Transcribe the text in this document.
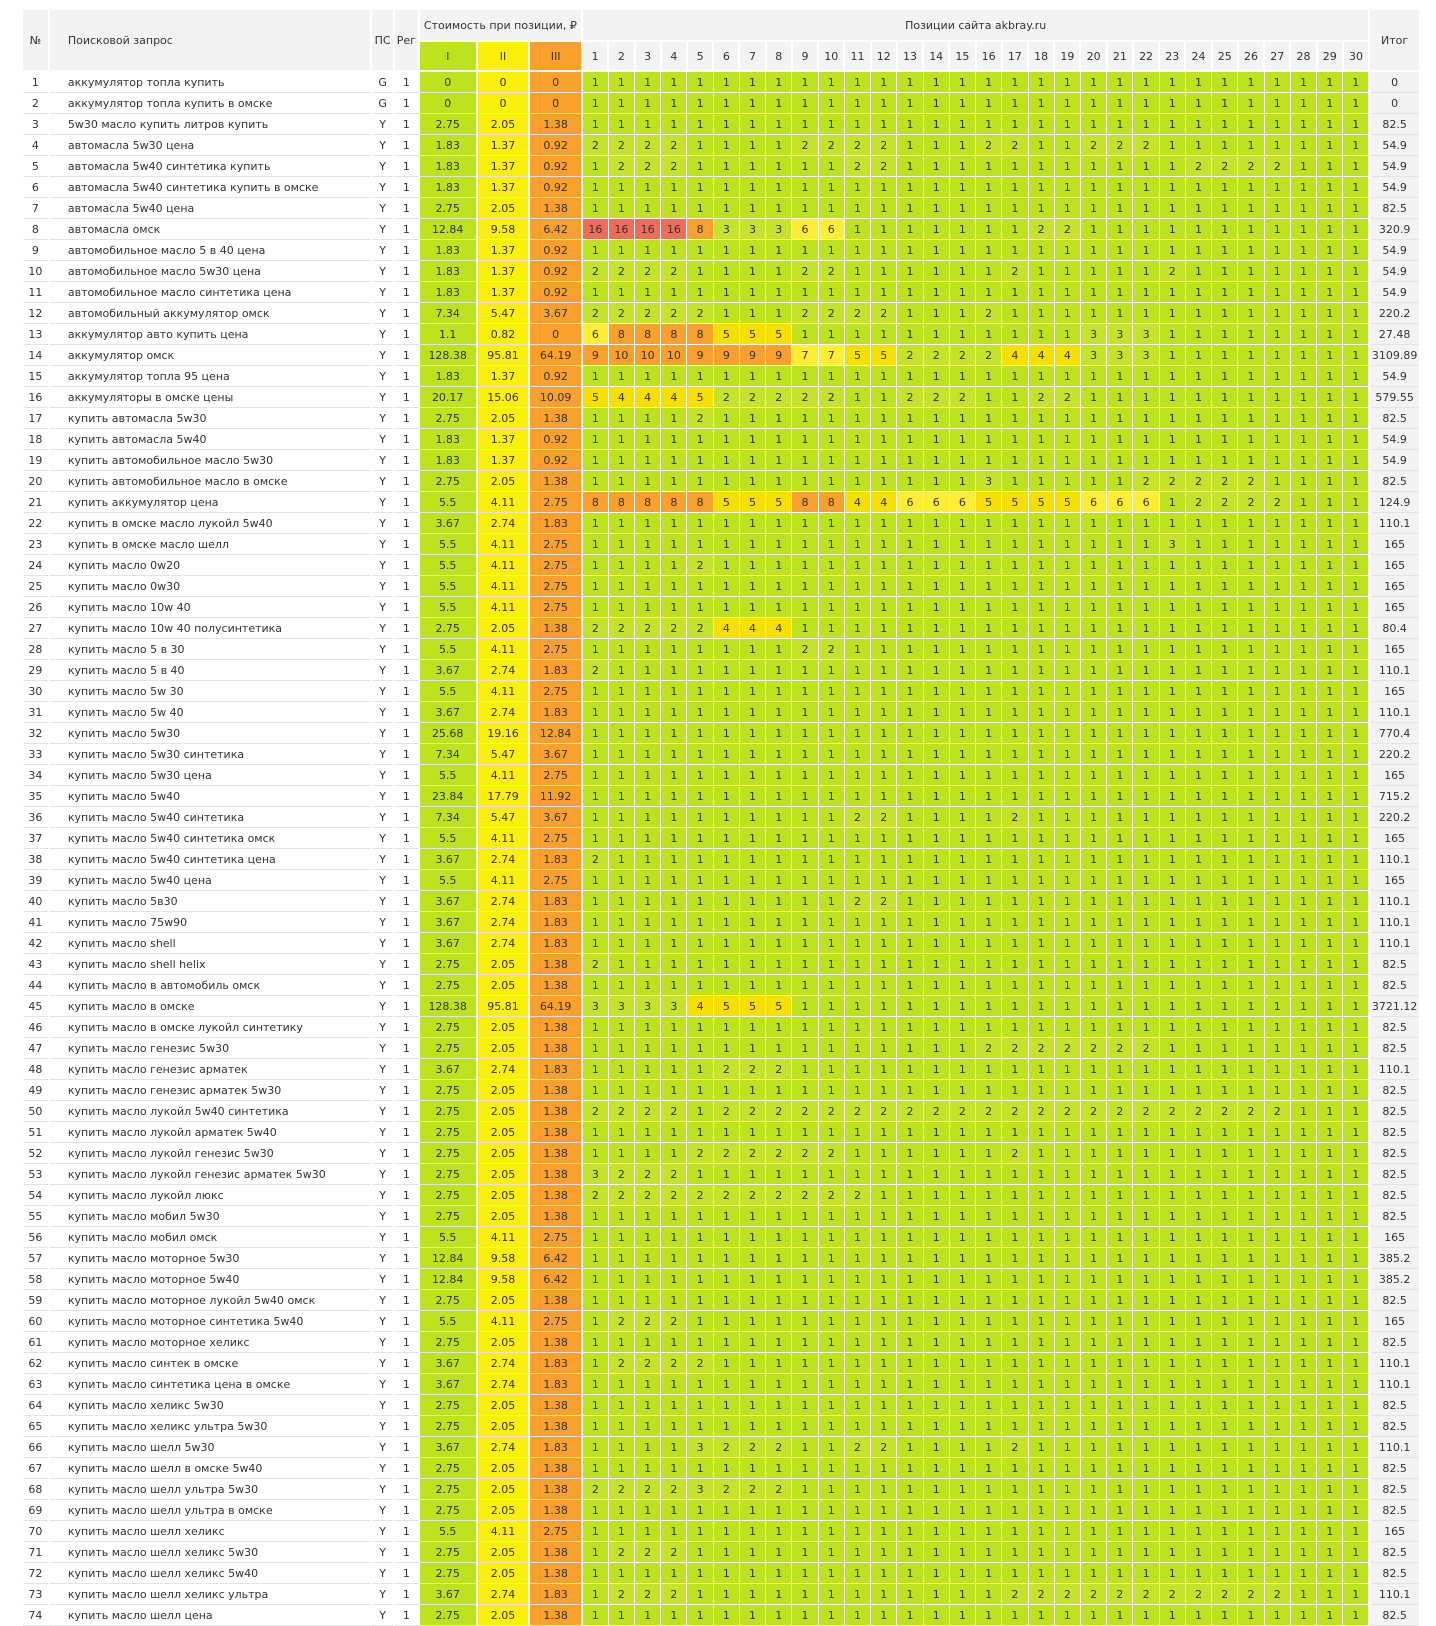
№	Поисковой запрос	ПС	Рег	Стоимость при позиции, ₽			Позиции сайта akbray.ru																														Итог
				I	II	III	1	2	3	4	5	6	7	8	9	10	11	12	13	14	15	16	17	18	19	20	21	22	23	24	25	26	27	28	29	30	
1	аккумулятор топла купить	G	1	0	0	0	1	1	1	1	1	1	1	1	1	1	1	1	1	1	1	1	1	1	1	1	1	1	1	1	1	1	1	1	1	1	0
2	аккумулятор топла купить в омске	G	1	0	0	0	1	1	1	1	1	1	1	1	1	1	1	1	1	1	1	1	1	1	1	1	1	1	1	1	1	1	1	1	1	1	0
3	5w30 масло купить литров купить	Y	1	2.75	2.05	1.38	1	1	1	1	1	1	1	1	1	1	1	1	1	1	1	1	1	1	1	1	1	1	1	1	1	1	1	1	1	1	82.5
4	автомасла 5w30 цена	Y	1	1.83	1.37	0.92	2	2	2	2	1	1	1	1	2	2	2	2	1	1	1	2	2	1	1	2	2	2	1	1	1	1	1	1	1	1	54.9
5	автомасла 5w40 синтетика купить	Y	1	1.83	1.37	0.92	1	2	2	2	1	1	1	1	1	1	2	2	1	1	1	1	1	1	1	1	1	1	1	2	2	2	2	1	1	1	54.9
6	автомасла 5w40 синтетика купить в омске	Y	1	1.83	1.37	0.92	1	1	1	1	1	1	1	1	1	1	1	1	1	1	1	1	1	1	1	1	1	1	1	1	1	1	1	1	1	1	54.9
7	автомасла 5w40 цена	Y	1	2.75	2.05	1.38	1	1	1	1	1	1	1	1	1	1	1	1	1	1	1	1	1	1	1	1	1	1	1	1	1	1	1	1	1	1	82.5
8	автомасла омск	Y	1	12.84	9.58	6.42	16	16	16	16	8	3	3	3	6	6	1	1	1	1	1	1	1	2	2	1	1	1	1	1	1	1	1	1	1	1	320.9
9	автомобильное масло 5 в 40 цена	Y	1	1.83	1.37	0.92	1	1	1	1	1	1	1	1	1	1	1	1	1	1	1	1	1	1	1	1	1	1	1	1	1	1	1	1	1	1	54.9
10	автомобильное масло 5w30 цена	Y	1	1.83	1.37	0.92	2	2	2	2	1	1	1	1	2	2	1	1	1	1	1	1	2	1	1	1	1	1	2	1	1	1	1	1	1	1	54.9
11	автомобильное масло синтетика цена	Y	1	1.83	1.37	0.92	1	1	1	1	1	1	1	1	1	1	1	1	1	1	1	1	1	1	1	1	1	1	1	1	1	1	1	1	1	1	54.9
12	автомобильный аккумулятор омск	Y	1	7.34	5.47	3.67	2	2	2	2	2	1	1	1	2	2	2	2	1	1	1	2	1	1	1	1	1	1	1	1	1	1	1	1	1	1	220.2
13	аккумулятор авто купить цена	Y	1	1.1	0.82	0	6	8	8	8	8	5	5	5	1	1	1	1	1	1	1	1	1	1	1	3	3	3	1	1	1	1	1	1	1	1	27.48
14	аккумулятор омск	Y	1	128.38	95.81	64.19	9	10	10	10	9	9	9	9	7	7	5	5	2	2	2	2	4	4	4	3	3	3	1	1	1	1	1	1	1	1	3109.89
15	аккумулятор топла 95 цена	Y	1	1.83	1.37	0.92	1	1	1	1	1	1	1	1	1	1	1	1	1	1	1	1	1	1	1	1	1	1	1	1	1	1	1	1	1	1	54.9
16	аккумуляторы в омске цены	Y	1	20.17	15.06	10.09	5	4	4	4	5	2	2	2	2	2	1	1	2	2	2	1	1	2	2	1	1	1	1	1	1	1	1	1	1	1	579.55
17	купить автомасла 5w30	Y	1	2.75	2.05	1.38	1	1	1	1	2	1	1	1	1	1	1	1	1	1	1	1	1	1	1	1	1	1	1	1	1	1	1	1	1	1	82.5
18	купить автомасла 5w40	Y	1	1.83	1.37	0.92	1	1	1	1	1	1	1	1	1	1	1	1	1	1	1	1	1	1	1	1	1	1	1	1	1	1	1	1	1	1	54.9
19	купить автомобильное масло 5w30	Y	1	1.83	1.37	0.92	1	1	1	1	1	1	1	1	1	1	1	1	1	1	1	1	1	1	1	1	1	1	1	1	1	1	1	1	1	1	54.9
20	купить автомобильное масло в омске	Y	1	2.75	2.05	1.38	1	1	1	1	1	1	1	1	1	1	1	1	1	1	1	3	1	1	1	1	1	2	2	2	2	2	1	1	1	1	82.5
21	купить аккумулятор цена	Y	1	5.5	4.11	2.75	8	8	8	8	8	5	5	5	8	8	4	4	6	6	6	5	5	5	5	6	6	6	1	2	2	2	2	1	1	1	124.9
22	купить в омске масло лукойл 5w40	Y	1	3.67	2.74	1.83	1	1	1	1	1	1	1	1	1	1	1	1	1	1	1	1	1	1	1	1	1	1	1	1	1	1	1	1	1	1	110.1
23	купить в омске масло шелл	Y	1	5.5	4.11	2.75	1	1	1	1	1	1	1	1	1	1	1	1	1	1	1	1	1	1	1	1	1	1	3	1	1	1	1	1	1	1	165
24	купить масло 0w20	Y	1	5.5	4.11	2.75	1	1	1	1	2	1	1	1	1	1	1	1	1	1	1	1	1	1	1	1	1	1	1	1	1	1	1	1	1	1	165
25	купить масло 0w30	Y	1	5.5	4.11	2.75	1	1	1	1	1	1	1	1	1	1	1	1	1	1	1	1	1	1	1	1	1	1	1	1	1	1	1	1	1	1	165
26	купить масло 10w 40	Y	1	5.5	4.11	2.75	1	1	1	1	1	1	1	1	1	1	1	1	1	1	1	1	1	1	1	1	1	1	1	1	1	1	1	1	1	1	165
27	купить масло 10w 40 полусинтетика	Y	1	2.75	2.05	1.38	2	2	2	2	2	4	4	4	1	1	1	1	1	1	1	1	1	1	1	1	1	1	1	1	1	1	1	1	1	1	80.4
28	купить масло 5 в 30	Y	1	5.5	4.11	2.75	1	1	1	1	1	1	1	1	2	2	1	1	1	1	1	1	1	1	1	1	1	1	1	1	1	1	1	1	1	1	165
29	купить масло 5 в 40	Y	1	3.67	2.74	1.83	2	1	1	1	1	1	1	1	1	1	1	1	1	1	1	1	1	1	1	1	1	1	1	1	1	1	1	1	1	1	110.1
30	купить масло 5w 30	Y	1	5.5	4.11	2.75	1	1	1	1	1	1	1	1	1	1	1	1	1	1	1	1	1	1	1	1	1	1	1	1	1	1	1	1	1	1	165
31	купить масло 5w 40	Y	1	3.67	2.74	1.83	1	1	1	1	1	1	1	1	1	1	1	1	1	1	1	1	1	1	1	1	1	1	1	1	1	1	1	1	1	1	110.1
32	купить масло 5w30	Y	1	25.68	19.16	12.84	1	1	1	1	1	1	1	1	1	1	1	1	1	1	1	1	1	1	1	1	1	1	1	1	1	1	1	1	1	1	770.4
33	купить масло 5w30 синтетика	Y	1	7.34	5.47	3.67	1	1	1	1	1	1	1	1	1	1	1	1	1	1	1	1	1	1	1	1	1	1	1	1	1	1	1	1	1	1	220.2
34	купить масло 5w30 цена	Y	1	5.5	4.11	2.75	1	1	1	1	1	1	1	1	1	1	1	1	1	1	1	1	1	1	1	1	1	1	1	1	1	1	1	1	1	1	165
35	купить масло 5w40	Y	1	23.84	17.79	11.92	1	1	1	1	1	1	1	1	1	1	1	1	1	1	1	1	1	1	1	1	1	1	1	1	1	1	1	1	1	1	715.2
36	купить масло 5w40 синтетика	Y	1	7.34	5.47	3.67	1	1	1	1	1	1	1	1	1	1	2	2	1	1	1	1	2	1	1	1	1	1	1	1	1	1	1	1	1	1	220.2
37	купить масло 5w40 синтетика омск	Y	1	5.5	4.11	2.75	1	1	1	1	1	1	1	1	1	1	1	1	1	1	1	1	1	1	1	1	1	1	1	1	1	1	1	1	1	1	165
38	купить масло 5w40 синтетика цена	Y	1	3.67	2.74	1.83	2	1	1	1	1	1	1	1	1	1	1	1	1	1	1	1	1	1	1	1	1	1	1	1	1	1	1	1	1	1	110.1
39	купить масло 5w40 цена	Y	1	5.5	4.11	2.75	1	1	1	1	1	1	1	1	1	1	1	1	1	1	1	1	1	1	1	1	1	1	1	1	1	1	1	1	1	1	165
40	купить масло 5в30	Y	1	3.67	2.74	1.83	1	1	1	1	1	1	1	1	1	1	2	2	1	1	1	1	1	1	1	1	1	1	1	1	1	1	1	1	1	1	110.1
41	купить масло 75w90	Y	1	3.67	2.74	1.83	1	1	1	1	1	1	1	1	1	1	1	1	1	1	1	1	1	1	1	1	1	1	1	1	1	1	1	1	1	1	110.1
42	купить масло shell	Y	1	3.67	2.74	1.83	1	1	1	1	1	1	1	1	1	1	1	1	1	1	1	1	1	1	1	1	1	1	1	1	1	1	1	1	1	1	110.1
43	купить масло shell helix	Y	1	2.75	2.05	1.38	2	1	1	1	1	1	1	1	1	1	1	1	1	1	1	1	1	1	1	1	1	1	1	1	1	1	1	1	1	1	82.5
44	купить масло в автомобиль омск	Y	1	2.75	2.05	1.38	1	1	1	1	1	1	1	1	1	1	1	1	1	1	1	1	1	1	1	1	1	1	1	1	1	1	1	1	1	1	82.5
45	купить масло в омске	Y	1	128.38	95.81	64.19	3	3	3	3	4	5	5	5	1	1	1	1	1	1	1	1	1	1	1	1	1	1	1	1	1	1	1	1	1	1	3721.12
46	купить масло в омске лукойл синтетику	Y	1	2.75	2.05	1.38	1	1	1	1	1	1	1	1	1	1	1	1	1	1	1	1	1	1	1	1	1	1	1	1	1	1	1	1	1	1	82.5
47	купить масло генезис 5w30	Y	1	2.75	2.05	1.38	1	1	1	1	1	1	1	1	1	1	1	1	1	1	1	2	2	2	2	2	2	2	1	1	1	1	1	1	1	1	82.5
48	купить масло генезис арматек	Y	1	3.67	2.74	1.83	1	1	1	1	1	2	2	2	1	1	1	1	1	1	1	1	1	1	1	1	1	1	1	1	1	1	1	1	1	1	110.1
49	купить масло генезис арматек 5w30	Y	1	2.75	2.05	1.38	1	1	1	1	1	1	1	1	1	1	1	1	1	1	1	1	1	1	1	1	1	1	1	1	1	1	1	1	1	1	82.5
50	купить масло лукойл 5w40 синтетика	Y	1	2.75	2.05	1.38	2	2	2	2	1	2	2	2	2	2	2	2	2	2	2	2	2	2	2	2	2	2	2	2	2	2	2	1	1	1	82.5
51	купить масло лукойл арматек 5w40	Y	1	2.75	2.05	1.38	1	1	1	1	1	1	1	1	1	1	1	1	1	1	1	1	1	1	1	1	1	1	1	1	1	1	1	1	1	1	82.5
52	купить масло лукойл генезис 5w30	Y	1	2.75	2.05	1.38	1	1	1	1	2	2	2	2	2	2	1	1	1	1	1	1	2	1	1	1	1	1	1	1	1	1	1	1	1	1	82.5
53	купить масло лукойл генезис арматек 5w30	Y	1	2.75	2.05	1.38	3	2	2	2	1	1	1	1	1	1	1	1	1	1	1	1	1	1	1	1	1	1	1	1	1	1	1	1	1	1	82.5
54	купить масло лукойл люкс	Y	1	2.75	2.05	1.38	2	2	2	2	2	2	2	2	2	2	2	1	1	1	1	1	1	1	1	1	1	1	1	1	1	1	1	1	1	1	82.5
55	купить масло мобил 5w30	Y	1	2.75	2.05	1.38	1	1	1	1	1	1	1	1	1	1	1	1	1	1	1	1	1	1	1	1	1	1	1	1	1	1	1	1	1	1	82.5
56	купить масло мобил омск	Y	1	5.5	4.11	2.75	1	1	1	1	1	1	1	1	1	1	1	1	1	1	1	1	1	1	1	1	1	1	1	1	1	1	1	1	1	1	165
57	купить масло моторное 5w30	Y	1	12.84	9.58	6.42	1	1	1	1	1	1	1	1	1	1	1	1	1	1	1	1	1	1	1	1	1	1	1	1	1	1	1	1	1	1	385.2
58	купить масло моторное 5w40	Y	1	12.84	9.58	6.42	1	1	1	1	1	1	1	1	1	1	1	1	1	1	1	1	1	1	1	1	1	1	1	1	1	1	1	1	1	1	385.2
59	купить масло моторное лукойл 5w40 омск	Y	1	2.75	2.05	1.38	1	1	1	1	1	1	1	1	1	1	1	1	1	1	1	1	1	1	1	1	1	1	1	1	1	1	1	1	1	1	82.5
60	купить масло моторное синтетика 5w40	Y	1	5.5	4.11	2.75	1	2	2	2	1	1	1	1	1	1	1	1	1	1	1	1	1	1	1	1	1	1	1	1	1	1	1	1	1	1	165
61	купить масло моторное хеликс	Y	1	2.75	2.05	1.38	1	1	1	1	1	1	1	1	1	1	1	1	1	1	1	1	1	1	1	1	1	1	1	1	1	1	1	1	1	1	82.5
62	купить масло синтек в омске	Y	1	3.67	2.74	1.83	1	2	2	2	2	1	1	1	1	1	1	1	1	1	1	1	1	1	1	1	1	1	1	1	1	1	1	1	1	1	110.1
63	купить масло синтетика цена в омске	Y	1	3.67	2.74	1.83	1	1	1	1	1	1	1	1	1	1	1	1	1	1	1	1	1	1	1	1	1	1	1	1	1	1	1	1	1	1	110.1
64	купить масло хеликс 5w30	Y	1	2.75	2.05	1.38	1	1	1	1	1	1	1	1	1	1	1	1	1	1	1	1	1	1	1	1	1	1	1	1	1	1	1	1	1	1	82.5
65	купить масло хеликс ультра 5w30	Y	1	2.75	2.05	1.38	1	1	1	1	1	1	1	1	1	1	1	1	1	1	1	1	1	1	1	1	1	1	1	1	1	1	1	1	1	1	82.5
66	купить масло шелл 5w30	Y	1	3.67	2.74	1.83	1	1	1	1	3	2	2	2	1	1	2	2	1	1	1	1	2	1	1	1	1	1	1	1	1	1	1	1	1	1	110.1
67	купить масло шелл в омске 5w40	Y	1	2.75	2.05	1.38	1	1	1	1	1	1	1	1	1	1	1	1	1	1	1	1	1	1	1	1	1	1	1	1	1	1	1	1	1	1	82.5
68	купить масло шелл ультра 5w30	Y	1	2.75	2.05	1.38	2	2	2	2	3	2	2	2	1	1	1	1	1	1	1	1	1	1	1	1	1	1	1	1	1	1	1	1	1	1	82.5
69	купить масло шелл ультра в омске	Y	1	2.75	2.05	1.38	1	1	1	1	1	1	1	1	1	1	1	1	1	1	1	1	1	1	1	1	1	1	1	1	1	1	1	1	1	1	82.5
70	купить масло шелл хеликс	Y	1	5.5	4.11	2.75	1	1	1	1	1	1	1	1	1	1	1	1	1	1	1	1	1	1	1	1	1	1	1	1	1	1	1	1	1	1	165
71	купить масло шелл хеликс 5w30	Y	1	2.75	2.05	1.38	1	2	2	2	1	1	1	1	1	1	1	1	1	1	1	1	1	1	1	1	1	1	1	1	1	1	1	1	1	1	82.5
72	купить масло шелл хеликс 5w40	Y	1	2.75	2.05	1.38	1	1	1	1	1	1	1	1	1	1	1	1	1	1	1	1	1	1	1	1	1	1	1	1	1	1	1	1	1	1	82.5
73	купить масло шелл хеликс ультра	Y	1	3.67	2.74	1.83	1	2	2	2	1	1	1	1	1	1	1	1	1	1	1	1	2	2	2	2	2	2	2	2	2	2	2	1	1	1	110.1
74	купить масло шелл цена	Y	1	2.75	2.05	1.38	1	1	1	1	1	1	1	1	1	1	1	1	1	1	1	1	1	1	1	1	1	1	1	1	1	1	1	1	1	1	82.5
